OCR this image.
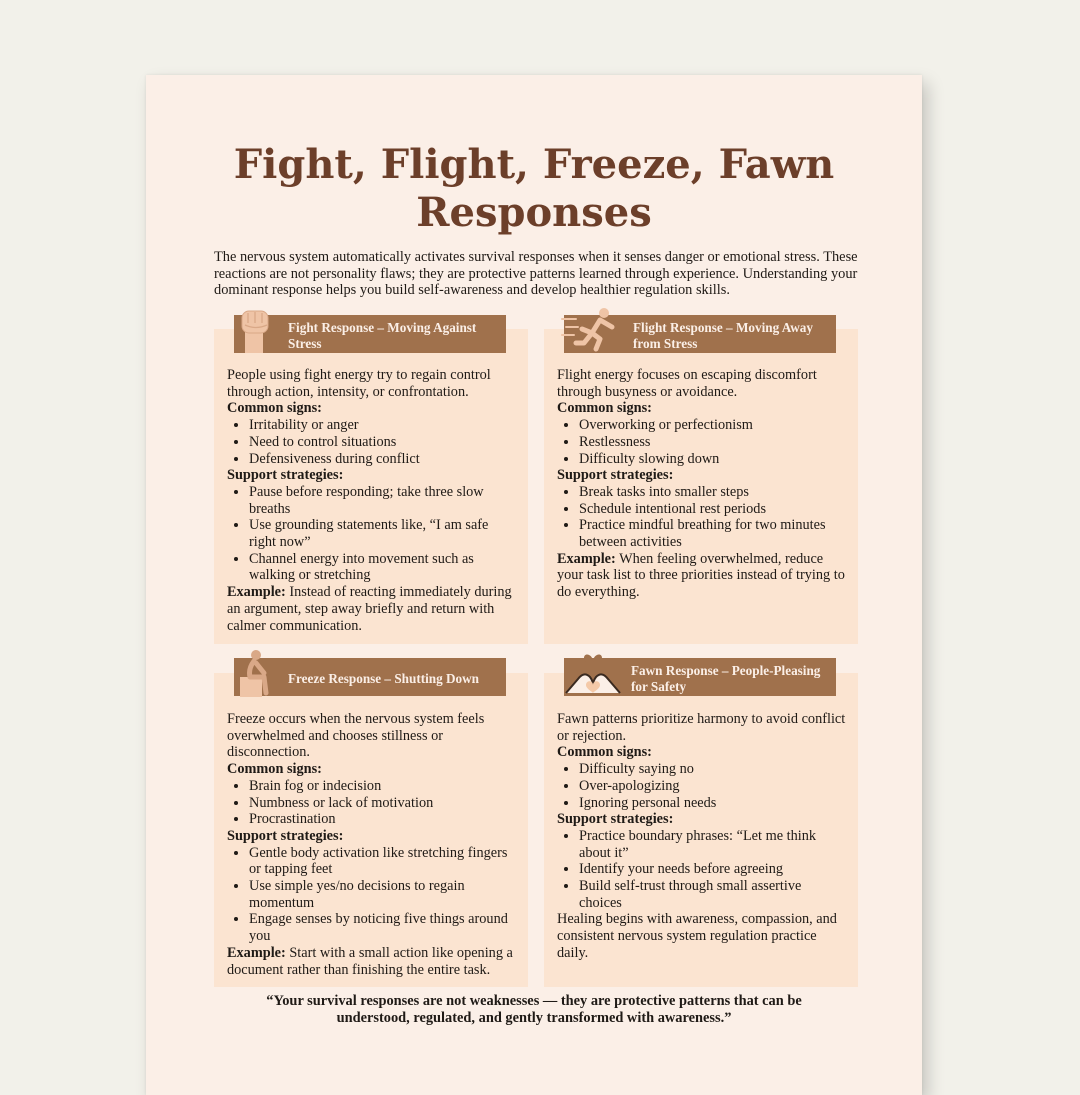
Fight, Flight, Freeze, Fawn
Responses

The nervous system automatically activates survival responses when it senses danger or emotional stress. These reactions are not personality flaws; they are protective patterns learned through experience. Understanding your dominant response helps you build self-awareness and develop healthier regulation skills.

People using fight energy try to regain control through action, intensity, or confrontation.

Common signs:

• Irritability or anger
• Need to control situations
• Defensiveness during conflict

Support strategies:

• Pause before responding; take three slow breaths
• Use grounding statements like, “I am safe right now”
• Channel energy into movement such as walking or stretching

Example: Instead of reacting immediately during an argument, step away briefly and return with calmer communication.

Fight Response – Moving Against Stress

Flight energy focuses on escaping discomfort through busyness or avoidance.

Common signs:

• Overworking or perfectionism
• Restlessness
• Difficulty slowing down

Support strategies:

• Break tasks into smaller steps
• Schedule intentional rest periods
• Practice mindful breathing for two minutes between activities

Example: When feeling overwhelmed, reduce your task list to three priorities instead of trying to do everything.

Flight Response – Moving Away from Stress

Freeze occurs when the nervous system feels overwhelmed and chooses stillness or disconnection.

Common signs:

• Brain fog or indecision
• Numbness or lack of motivation
• Procrastination

Support strategies:

• Gentle body activation like stretching fingers or tapping feet
• Use simple yes/no decisions to regain momentum
• Engage senses by noticing five things around you

Example: Start with a small action like opening a document rather than finishing the entire task.

Freeze Response – Shutting Down

Fawn patterns prioritize harmony to avoid conflict or rejection.

Common signs:

• Difficulty saying no
• Over-apologizing
• Ignoring personal needs

Support strategies:

• Practice boundary phrases: “Let me think about it”
• Identify your needs before agreeing
• Build self-trust through small assertive choices

Healing begins with awareness, compassion, and consistent nervous system regulation practice daily.

Fawn Response – People-Pleasing for Safety

“Your survival responses are not weaknesses — they are protective patterns that can be understood, regulated, and gently transformed with awareness.”
